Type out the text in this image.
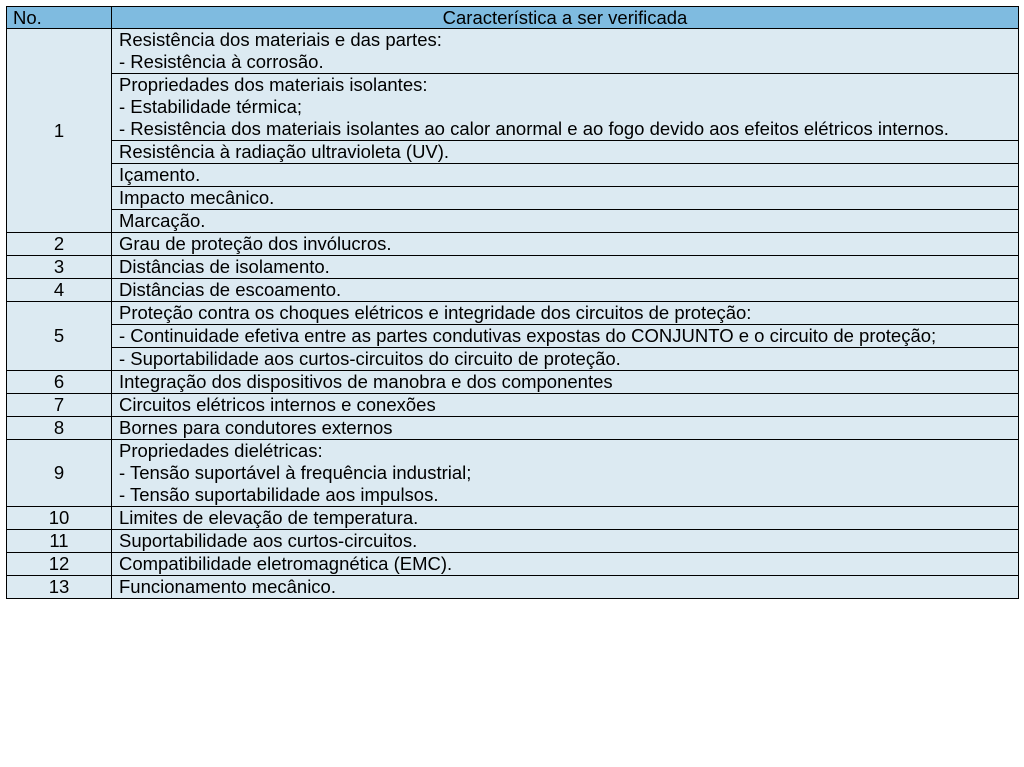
No.	Característica a ser verificada
1	Resistência dos materiais e das partes:
- Resistência à corrosão.

	Propriedades dos materiais isolantes:
- Estabilidade térmica;
- Resistência dos materiais isolantes ao calor anormal e ao fogo devido aos efeitos elétricos internos.

	Resistência à radiação ultravioleta (UV).

	Içamento.

	Impacto mecânico.

	Marcação.

2	Grau de proteção dos invólucros.

3	Distâncias de isolamento.

4	Distâncias de escoamento.

5	Proteção contra os choques elétricos e integridade dos circuitos de proteção:

	- Continuidade efetiva entre as partes condutivas expostas do CONJUNTO e o circuito de proteção;

	- Suportabilidade aos curtos-circuitos do circuito de proteção.

6	Integração dos dispositivos de manobra e dos componentes

7	Circuitos elétricos internos e conexões

8	Bornes para condutores externos

9	Propriedades dielétricas:
- Tensão suportável à frequência industrial;
- Tensão suportabilidade aos impulsos.

10	Limites de elevação de temperatura.

11	Suportabilidade aos curtos-circuitos.

12	Compatibilidade eletromagnética (EMC).

13	Funcionamento mecânico.
